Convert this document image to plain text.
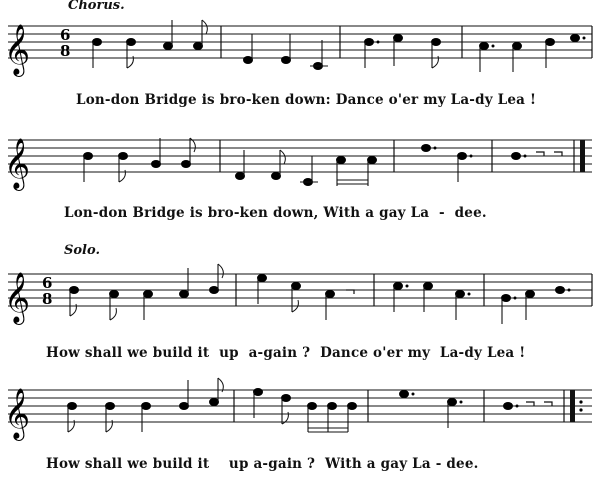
Chorus.
𝄞 6
8
Lon-don Bridge is bro-ken down: Dance o'er my La-dy Lea !
𝄞
Lon-don Bridge is bro-ken down, With a gay La  -  dee.
Solo.
𝄞 6
8
How shall we build it  up  a-gain ?  Dance o'er my  La-dy Lea !
𝄞
How shall we build it    up a-gain ?  With a gay La - dee.
